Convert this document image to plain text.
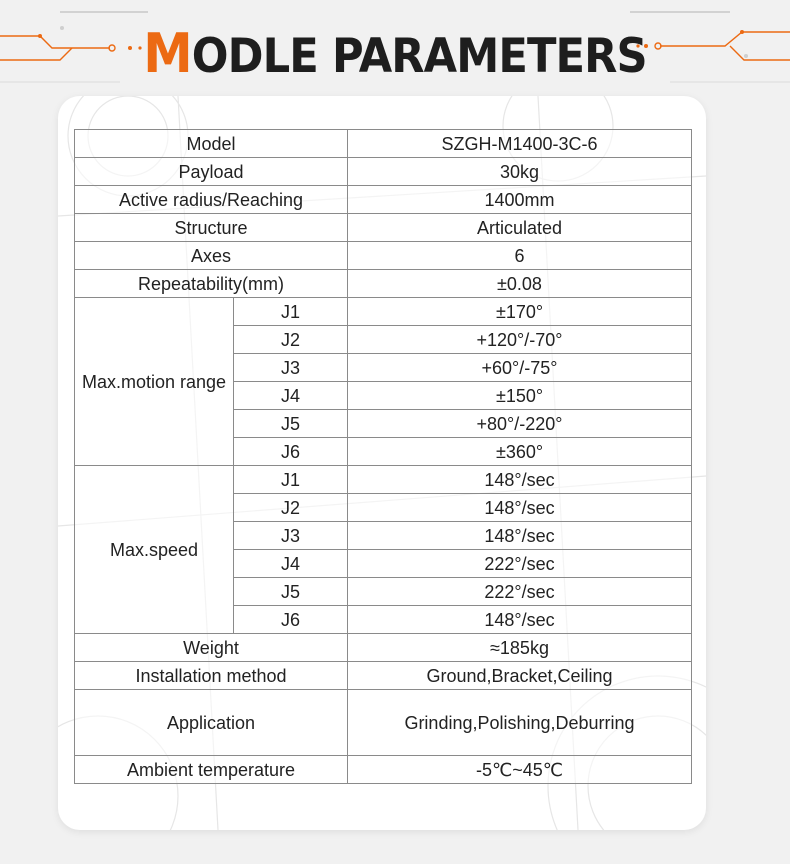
MODLE PARAMETERS
Model		SZGH-M1400-3C-6
Payload		30kg
Active radius/Reaching		1400mm
Structure		Articulated
Axes		6
Repeatability(mm)		±0.08
Max.motion range	J1	±170°
	J2	+120°/-70°
	J3	+60°/-75°
	J4	±150°
	J5	+80°/-220°
	J6	±360°
Max.speed	J1	148°/sec
	J2	148°/sec
	J3	148°/sec
	J4	222°/sec
	J5	222°/sec
	J6	148°/sec
Weight		≈185kg
Installation method		Ground,Bracket,Ceiling
Application		Grinding,Polishing,Deburring
Ambient temperature		-5℃~45℃
